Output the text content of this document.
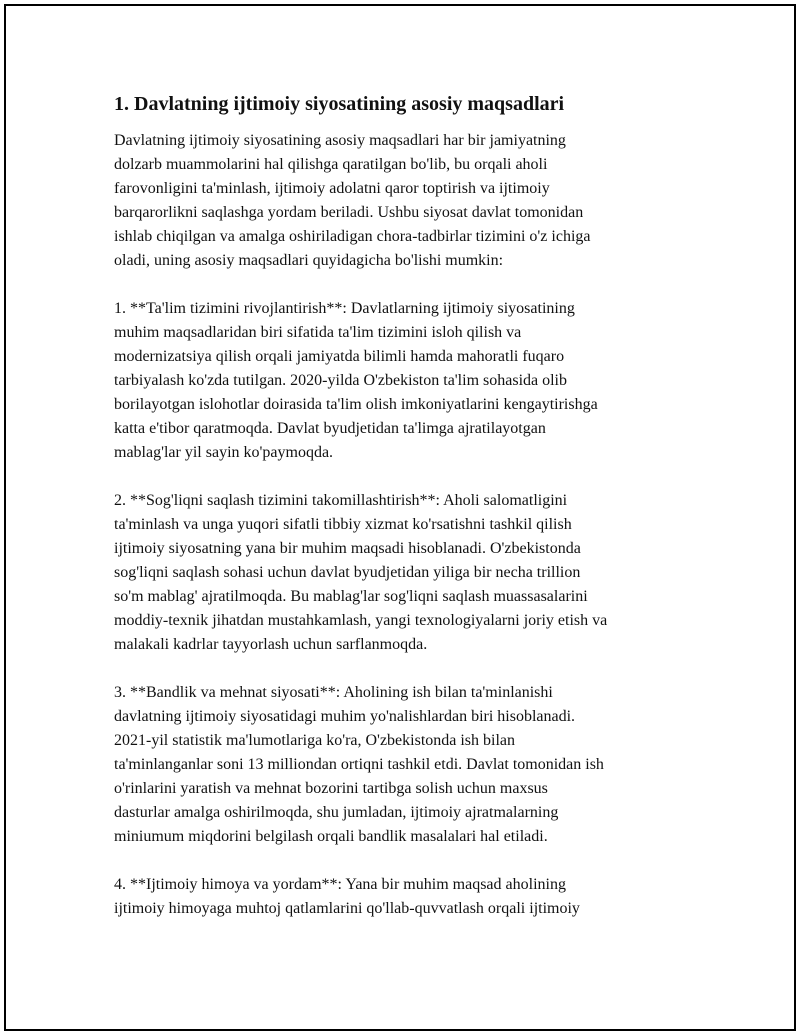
1. Davlatning ijtimoiy siyosatining asosiy maqsadlari
Davlatning ijtimoiy siyosatining asosiy maqsadlari har bir jamiyatning
dolzarb muammolarini hal qilishga qaratilgan bo'lib, bu orqali aholi
farovonligini ta'minlash, ijtimoiy adolatni qaror toptirish va ijtimoiy
barqarorlikni saqlashga yordam beriladi. Ushbu siyosat davlat tomonidan
ishlab chiqilgan va amalga oshiriladigan chora-tadbirlar tizimini o'z ichiga
oladi, uning asosiy maqsadlari quyidagicha bo'lishi mumkin:
1. **Ta'lim tizimini rivojlantirish**: Davlatlarning ijtimoiy siyosatining
muhim maqsadlaridan biri sifatida ta'lim tizimini isloh qilish va
modernizatsiya qilish orqali jamiyatda bilimli hamda mahoratli fuqaro
tarbiyalash ko'zda tutilgan. 2020-yilda O'zbekiston ta'lim sohasida olib
borilayotgan islohotlar doirasida ta'lim olish imkoniyatlarini kengaytirishga
katta e'tibor qaratmoqda. Davlat byudjetidan ta'limga ajratilayotgan
mablag'lar yil sayin ko'paymoqda.
2. **Sog'liqni saqlash tizimini takomillashtirish**: Aholi salomatligini
ta'minlash va unga yuqori sifatli tibbiy xizmat ko'rsatishni tashkil qilish
ijtimoiy siyosatning yana bir muhim maqsadi hisoblanadi. O'zbekistonda
sog'liqni saqlash sohasi uchun davlat byudjetidan yiliga bir necha trillion
so'm mablag' ajratilmoqda. Bu mablag'lar sog'liqni saqlash muassasalarini
moddiy-texnik jihatdan mustahkamlash, yangi texnologiyalarni joriy etish va
malakali kadrlar tayyorlash uchun sarflanmoqda.
3. **Bandlik va mehnat siyosati**: Aholining ish bilan ta'minlanishi
davlatning ijtimoiy siyosatidagi muhim yo'nalishlardan biri hisoblanadi.
2021-yil statistik ma'lumotlariga ko'ra, O'zbekistonda ish bilan
ta'minlanganlar soni 13 milliondan ortiqni tashkil etdi. Davlat tomonidan ish
o'rinlarini yaratish va mehnat bozorini tartibga solish uchun maxsus
dasturlar amalga oshirilmoqda, shu jumladan, ijtimoiy ajratmalarning
miniumum miqdorini belgilash orqali bandlik masalalari hal etiladi.
4. **Ijtimoiy himoya va yordam**: Yana bir muhim maqsad aholining
ijtimoiy himoyaga muhtoj qatlamlarini qo'llab-quvvatlash orqali ijtimoiy
